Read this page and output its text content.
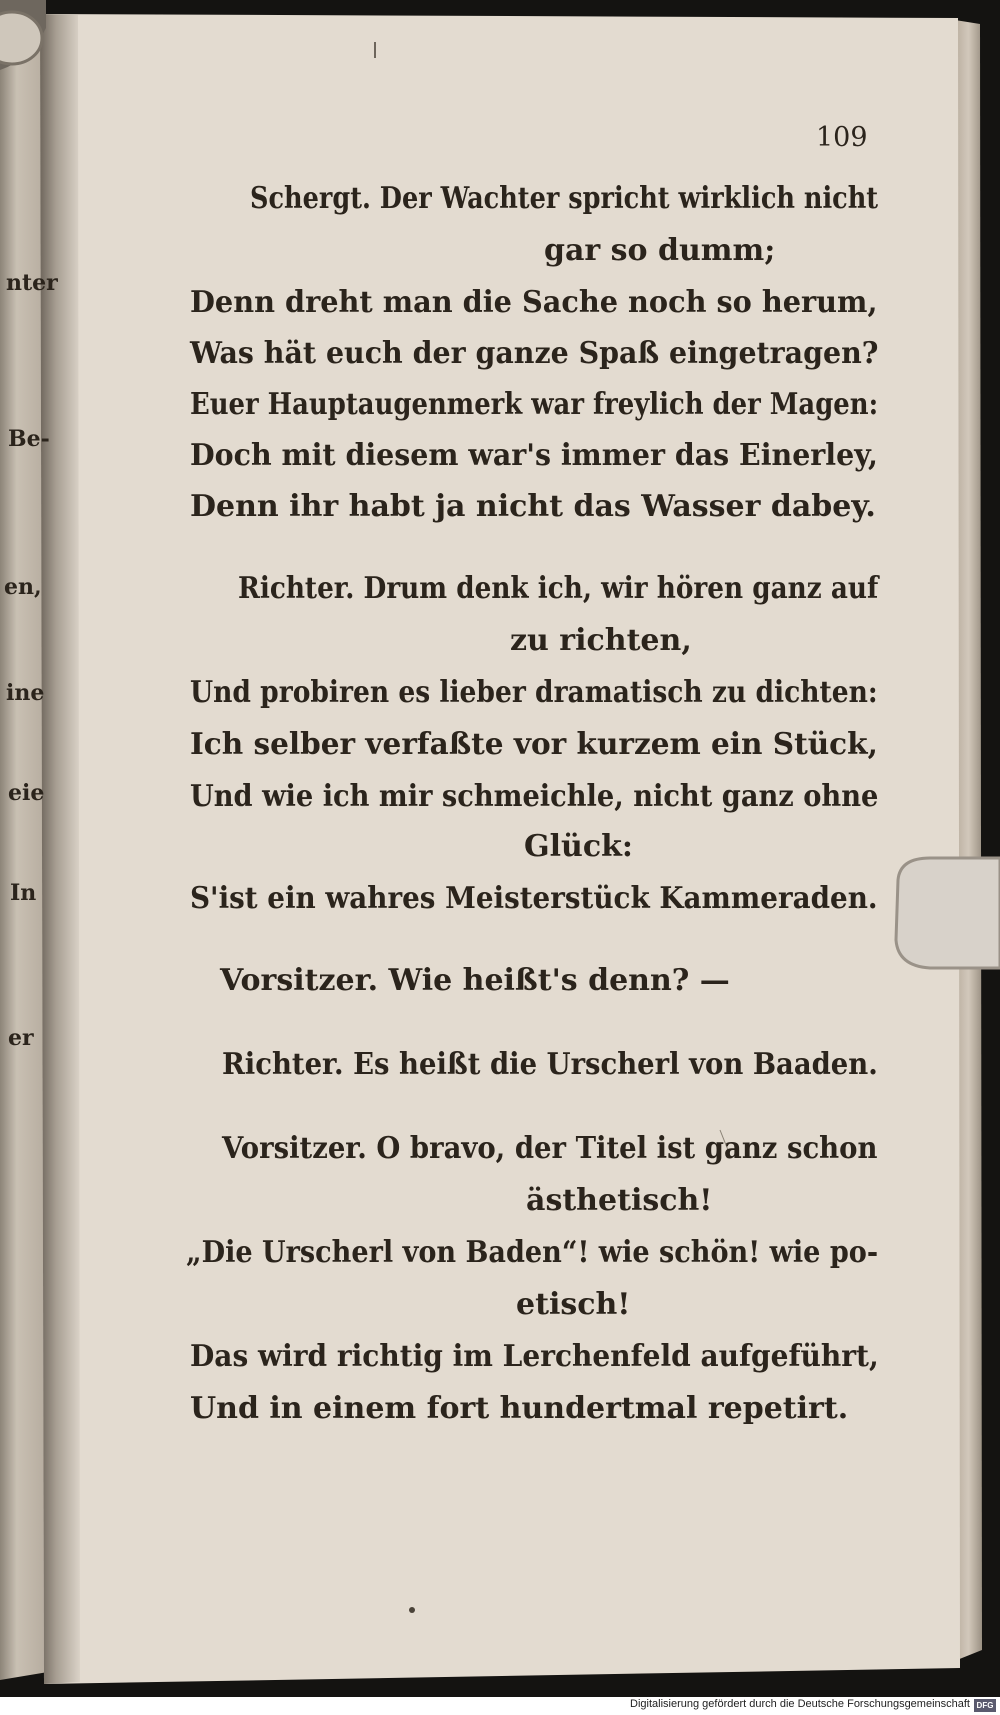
nter

Be-

en,

ine

eie

In

er

109

Schergt. Der Wachter spricht wirklich nicht

gar so dumm;

Denn dreht man die Sache noch so herum,

Was hät euch der ganze Spaß eingetragen?

Euer Hauptaugenmerk war freylich der Magen:

Doch mit diesem war's immer das Einerley,

Denn ihr habt ja nicht das Wasser dabey.

Richter. Drum denk ich, wir hören ganz auf

zu richten,

Und probiren es lieber dramatisch zu dichten:

Ich selber verfaßte vor kurzem ein Stück,

Und wie ich mir schmeichle, nicht ganz ohne

Glück:

S'ist ein wahres Meisterstück Kammeraden.

Vorsitzer. Wie heißt's denn? —

Richter. Es heißt die Urscherl von Baaden.

Vorsitzer. O bravo, der Titel ist ganz schon

ästhetisch!

„Die Urscherl von Baden“! wie schön! wie po-

etisch!

Das wird richtig im Lerchenfeld aufgeführt,

Und in einem fort hundertmal repetirt.

Digitalisierung gefördert durch die Deutsche Forschungsgemeinschaft DFG
